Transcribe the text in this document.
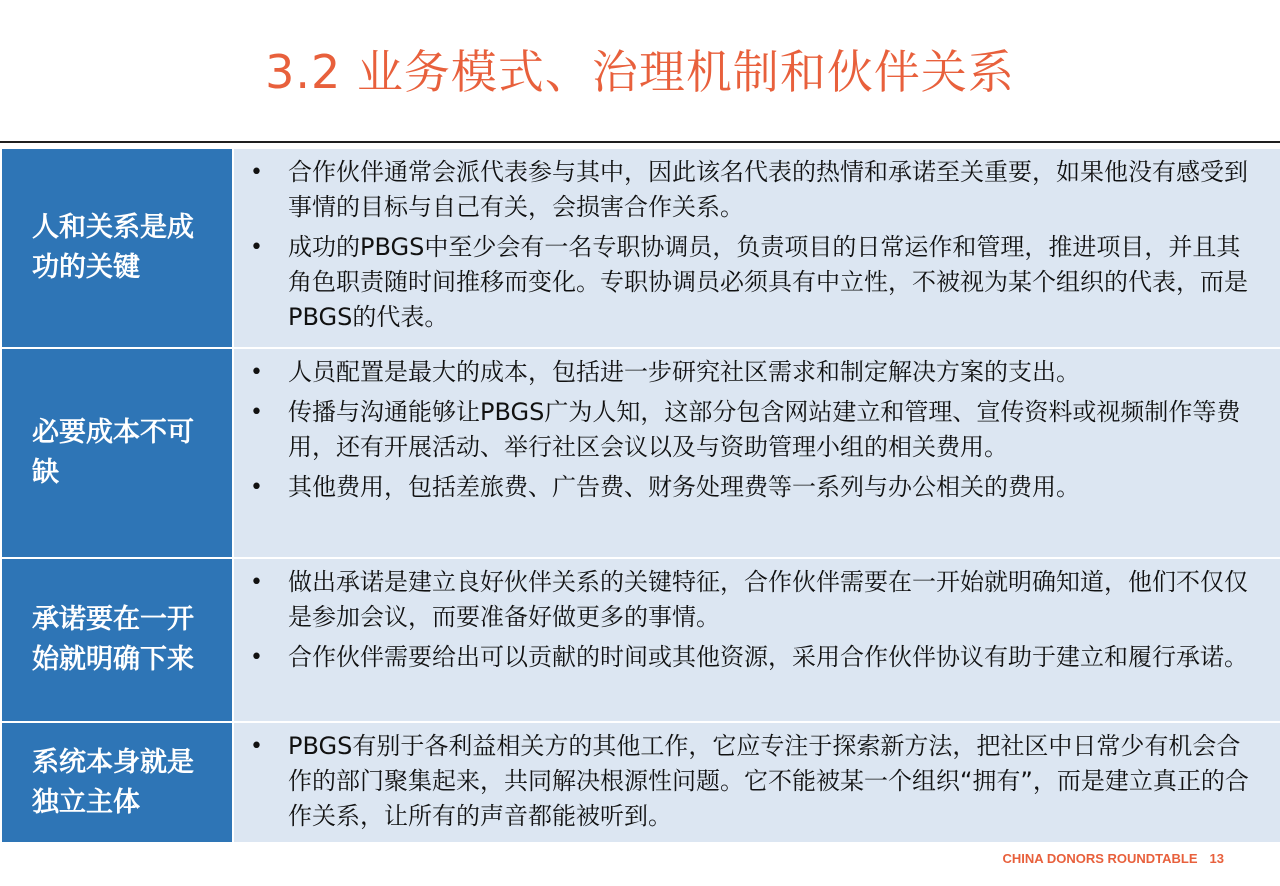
3.2 业务模式、治理机制和伙伴关系
人和关系是成功的关键
• 合作伙伴通常会派代表参与其中，因此该名代表的热情和承诺至关重要，如果他没有感受到事情的目标与自己有关，会损害合作关系。
• 成功的PBGS中至少会有一名专职协调员，负责项目的日常运作和管理，推进项目，并且其角色职责随时间推移而变化。专职协调员必须具有中立性，不被视为某个组织的代表，而是PBGS的代表。
必要成本不可缺
• 人员配置是最大的成本，包括进一步研究社区需求和制定解决方案的支出。
• 传播与沟通能够让PBGS广为人知，这部分包含网站建立和管理、宣传资料或视频制作等费用，还有开展活动、举行社区会议以及与资助管理小组的相关费用。
• 其他费用，包括差旅费、广告费、财务处理费等一系列与办公相关的费用。
承诺要在一开始就明确下来
• 做出承诺是建立良好伙伴关系的关键特征，合作伙伴需要在一开始就明确知道，他们不仅仅是参加会议，而要准备好做更多的事情。
• 合作伙伴需要给出可以贡献的时间或其他资源，采用合作伙伴协议有助于建立和履行承诺。
系统本身就是独立主体
• PBGS有别于各利益相关方的其他工作，它应专注于探索新方法，把社区中日常少有机会合作的部门聚集起来，共同解决根源性问题。它不能被某一个组织“拥有”，而是建立真正的合作关系，让所有的声音都能被听到。
CHINA DONORS ROUNDTABLE 13
